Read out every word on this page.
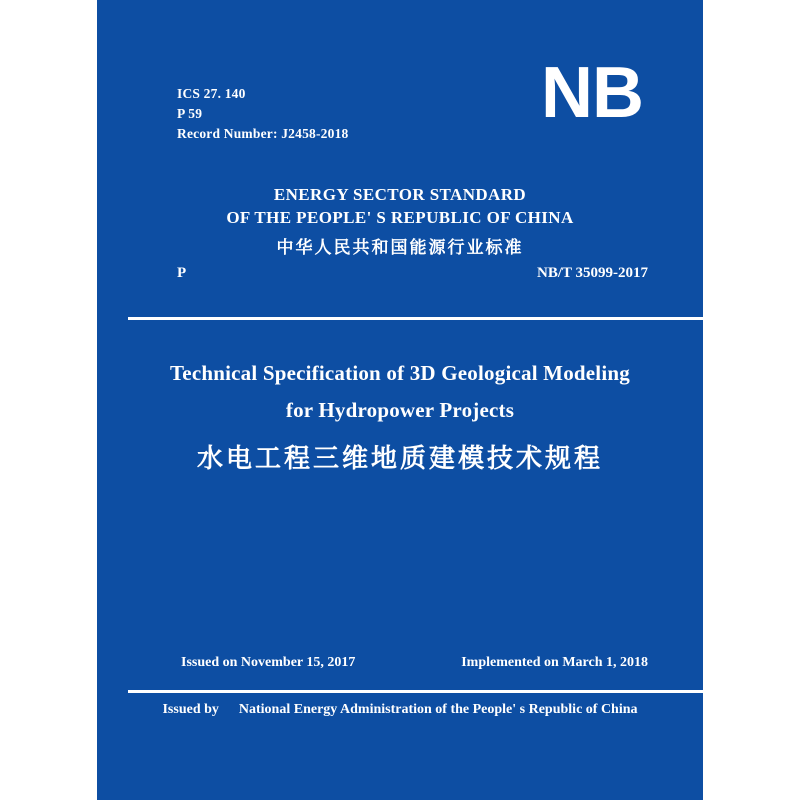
ICS 27. 140
P 59
Record Number: J2458-2018
NB
ENERGY SECTOR STANDARD
OF THE PEOPLE' S REPUBLIC OF CHINA
中华人民共和国能源行业标准
P	NB/T 35099-2017
Technical Specification of 3D Geological Modeling
for Hydropower Projects
水电工程三维地质建模技术规程
Issued on November 15, 2017	Implemented on March 1, 2018
Issued by National Energy Administration of the People' s Republic of China
